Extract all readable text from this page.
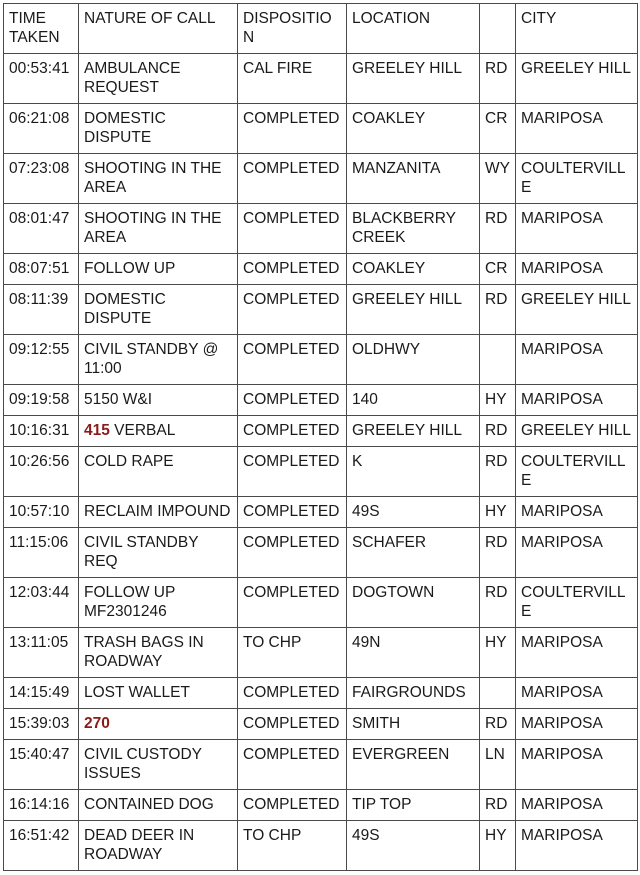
TIME TAKEN	NATURE OF CALL	DISPOSITION	LOCATION		CITY
00:53:41	AMBULANCE REQUEST	CAL FIRE	GREELEY HILL	RD	GREELEY HILL
06:21:08	DOMESTIC DISPUTE	COMPLETED	COAKLEY	CR	MARIPOSA
07:23:08	SHOOTING IN THE AREA	COMPLETED	MANZANITA	WY	COULTERVILLE
08:01:47	SHOOTING IN THE AREA	COMPLETED	BLACKBERRY CREEK	RD	MARIPOSA
08:07:51	FOLLOW UP	COMPLETED	COAKLEY	CR	MARIPOSA
08:11:39	DOMESTIC DISPUTE	COMPLETED	GREELEY HILL	RD	GREELEY HILL
09:12:55	CIVIL STANDBY @ 11:00	COMPLETED	OLDHWY		MARIPOSA
09:19:58	5150 W&I	COMPLETED	140	HY	MARIPOSA
10:16:31	415 VERBAL	COMPLETED	GREELEY HILL	RD	GREELEY HILL
10:26:56	COLD RAPE	COMPLETED	K	RD	COULTERVILLE
10:57:10	RECLAIM IMPOUND	COMPLETED	49S	HY	MARIPOSA
11:15:06	CIVIL STANDBY REQ	COMPLETED	SCHAFER	RD	MARIPOSA
12:03:44	FOLLOW UP MF2301246	COMPLETED	DOGTOWN	RD	COULTERVILLE
13:11:05	TRASH BAGS IN ROADWAY	TO CHP	49N	HY	MARIPOSA
14:15:49	LOST WALLET	COMPLETED	FAIRGROUNDS		MARIPOSA
15:39:03	270	COMPLETED	SMITH	RD	MARIPOSA
15:40:47	CIVIL CUSTODY ISSUES	COMPLETED	EVERGREEN	LN	MARIPOSA
16:14:16	CONTAINED DOG	COMPLETED	TIP TOP	RD	MARIPOSA
16:51:42	DEAD DEER IN ROADWAY	TO CHP	49S	HY	MARIPOSA
